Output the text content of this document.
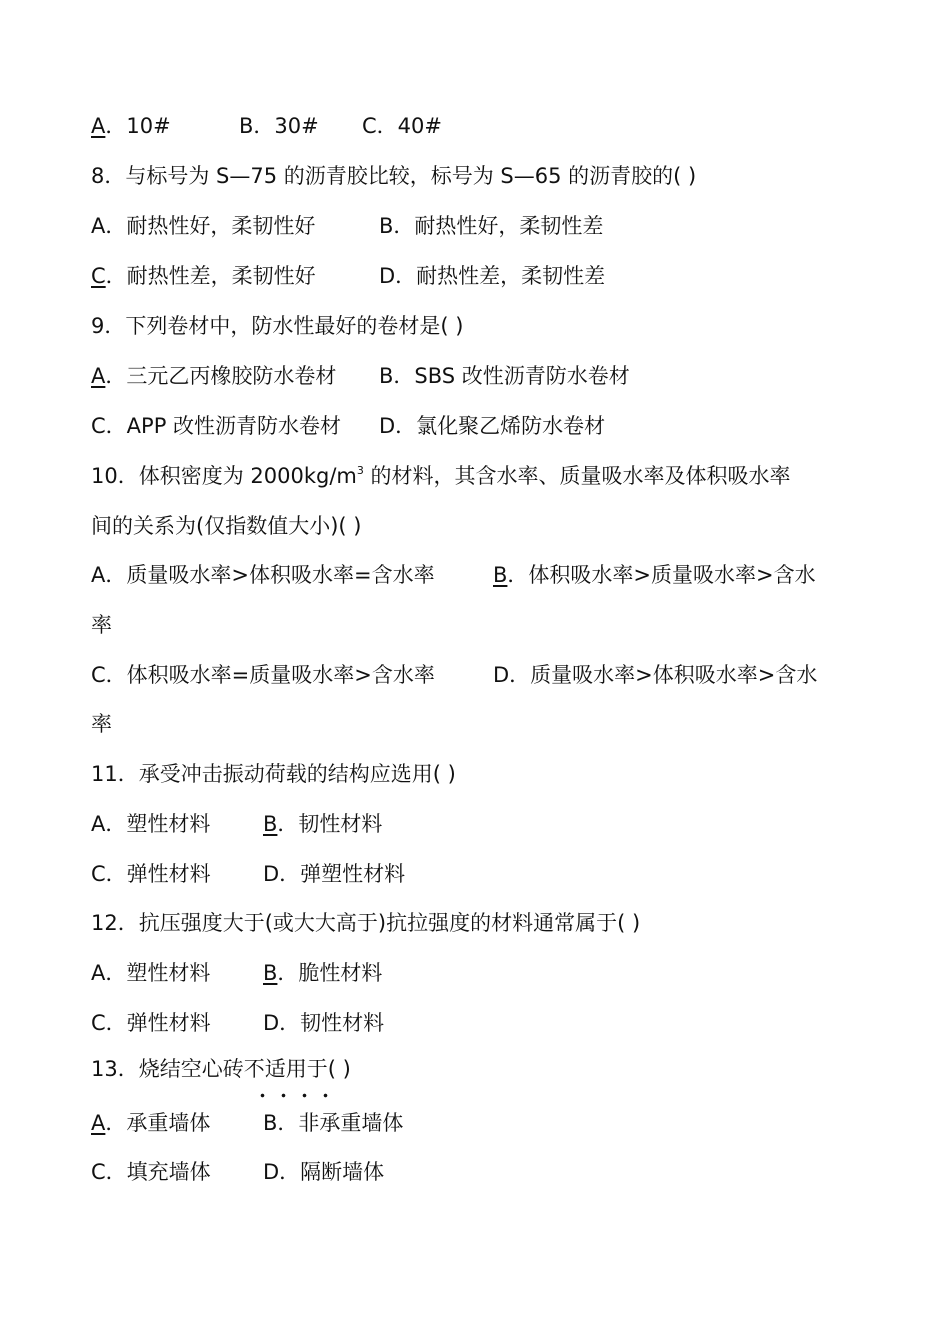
A．10#	B．30# C．40#
8．与标号为 S—75 的沥青胶比较，标号为 S—65 的沥青胶的( )
A．耐热性好，柔韧性好	B．耐热性好，柔韧性差
C．耐热性差，柔韧性好	D．耐热性差，柔韧性差
9．下列卷材中，防水性最好的卷材是( )
A．三元乙丙橡胶防水卷材 B．SBS 改性沥青防水卷材
C．APP 改性沥青防水卷材 D．氯化聚乙烯防水卷材
10．体积密度为 $2000kg/m^3$ 的材料，其含水率、质量吸水率及体积吸水率
间的关系为(仅指数值大小)( )
A．质量吸水率>体积吸水率=含水率	B．体积吸水率>质量吸水率>含水
率
C．体积吸水率=质量吸水率>含水率	D．质量吸水率>体积吸水率>含水
率
11．承受冲击振动荷载的结构应选用( )
A．塑性材料	B．韧性材料
C．弹性材料 D．弹塑性材料
12．抗压强度大于(或大大高于)抗拉强度的材料通常属于( )
A．塑性材料	B．脆性材料
C．弹性材料 D．韧性材料
13．烧结空心砖不适用于( )
A．承重墙体	B．非承重墙体
C．填充墙体 D．隔断墙体
